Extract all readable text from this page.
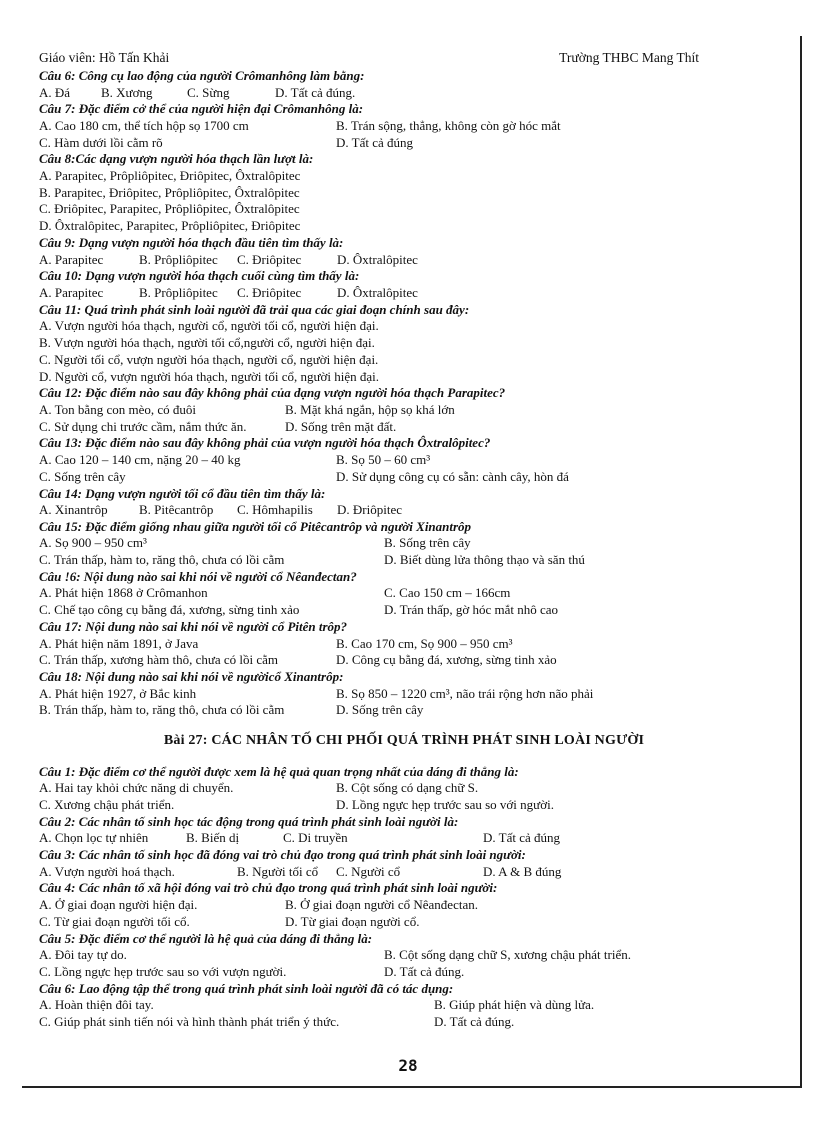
Giáo viên: Hồ Tấn Khải	Trường THBC Mang Thít
Câu 6: Công cụ lao động của người Crômanhông làm bằng:
A. Đá	B. Xương	C. Sừng	D. Tất cả đúng.
Câu 7: Đặc điểm cở thể của người hiện đại Crômanhông là:
A. Cao 180 cm, thể tích hộp sọ 1700 cm	B. Trán sộng, thẳng, không còn gờ hóc mắt
C. Hàm dưới lồi cằm rõ	D. Tất cả đúng
Câu 8:Các dạng vượn người hóa thạch lần lượt là:
A. Parapitec, Prôpliôpitec, Đriôpitec, Ôxtralôpitec
B. Parapitec, Đriôpitec, Prôpliôpitec, Ôxtralôpitec
C. Đriôpitec, Parapitec, Prôpliôpitec, Ôxtralôpitec
D. Ôxtralôpitec, Parapitec, Prôpliôpitec, Đriôpitec
Câu 9: Dạng vượn người hóa thạch đầu tiên tìm thấy là:
A. Parapitec	B. Prôpliôpitec	C. Đriôpitec	D. Ôxtralôpitec
Câu 10: Dạng vượn người hóa thạch cuối cùng tìm thấy là:
A. Parapitec	B. Prôpliôpitec	C. Đriôpitec	D. Ôxtralôpitec
Câu 11: Quá trình phát sinh loài người đã trải qua các giai đoạn chính sau đây:
A. Vượn người hóa thạch, người cổ, người tối cổ, người hiện đại.
B. Vượn người hóa thạch, người tối cổ,người cổ, người hiện đại.
C. Người tối cổ, vượn người hóa thạch, người cổ, người hiện đại.
D. Người cổ, vượn người hóa thạch, người tối cổ, người hiện đại.
Câu 12: Đặc điểm nào sau đây không phải của dạng vượn người hóa thạch Parapitec?
A. Ton bằng con mèo, có đuôi	B. Mặt khá ngắn, hộp sọ khá lớn
C. Sử dụng chi trước cầm, nắm thức ăn.	D. Sống trên mặt đất.
Câu 13: Đặc điểm nào sau đây không phải của vượn người hóa thạch Ôxtralôpitec?
A. Cao 120 – 140 cm, nặng 20 – 40 kg	B. Sọ 50 – 60 cm³
C. Sống trên cây	D. Sử dụng công cụ có sẵn: cành cây, hòn đá
Câu 14: Dạng vượn người tối cổ đầu tiên tìm thấy là:
A. Xinantrôp	B. Pitêcantrôp	C. Hômhapilis	D. Đriôpitec
Câu 15: Đặc điểm giống nhau giữa người tối cổ Pitêcantrôp và người Xinantrôp
A. Sọ 900 – 950 cm³	B. Sống trên cây
C. Trán thấp, hàm to, răng thô, chưa có lồi cằm	D. Biết dùng lửa thông thạo và săn thú
Câu !6: Nội dung nào sai khi nói về người cổ Nêanđectan?
A. Phát hiện 1868 ở Crômanhon	C. Cao 150 cm – 166cm
C. Chế tạo công cụ bằng đá, xương, sừng tinh xảo	D. Trán thấp, gờ hóc mắt nhô cao
Câu 17: Nội dung nào sai khi nói về người cổ Pitên trôp?
A. Phát hiện năm 1891, ở Java	B. Cao 170 cm, Sọ 900 – 950 cm³
C. Trán thấp, xương hàm thô, chưa có lồi cằm	D. Công cụ bằng đá, xương, sừng tinh xảo
Câu 18: Nội dung nào sai khi nói về ngườicổ Xinantrôp:
A. Phát hiện 1927, ở Bắc kinh	B. Sọ 850 – 1220 cm³, não trái rộng hơn não phải
B. Trán thấp, hàm to, răng thô, chưa có lồi cằm	D. Sống trên cây
Bài 27: CÁC NHÂN TỐ CHI PHỐI QUÁ TRÌNH PHÁT SINH LOÀI NGƯỜI
Câu 1: Đặc điểm cơ thể người được xem là hệ quả quan trọng nhất của dáng đi thẳng là:
A. Hai tay khỏi chức năng di chuyển.	B. Cột sống có dạng chữ S.
C. Xương chậu phát triển.	D. Lồng ngực hẹp trước sau so với người.
Câu 2: Các nhân tố sinh học tác động trong quá trình phát sinh loài người là:
A. Chọn lọc tự nhiên	B. Biến dị	C. Di truyền	D. Tất cả đúng
Câu 3: Các nhân tố sinh học đã đóng vai trò chủ đạo trong quá trình phát sinh loài người:
A. Vượn người hoá thạch.	B. Người tối cổ	C. Người cổ	D. A & B đúng
Câu 4: Các nhân tố xã hội đóng vai trò chủ đạo trong quá trình phát sinh loài người:
A. Ở giai đoạn người hiện đại.	B. Ở giai đoạn người cổ Nêanđectan.
C. Từ giai đoạn người tối cổ.	D. Từ giai đoạn người cổ.
Câu 5: Đặc điểm cơ thể người là hệ quả của dáng đi thẳng là:
A. Đôi tay tự do.	B. Cột sống dạng chữ S, xương chậu phát triển.
C. Lồng ngực hẹp trước sau so với vượn người.	D. Tất cả đúng.
Câu 6: Lao động tập thể trong quá trình phát sinh loài người đã có tác dụng:
A. Hoàn thiện đôi tay.	B. Giúp phát hiện và dùng lửa.
C. Giúp phát sinh tiến nói và hình thành phát triển ý thức.	D. Tất cả đúng.
28
